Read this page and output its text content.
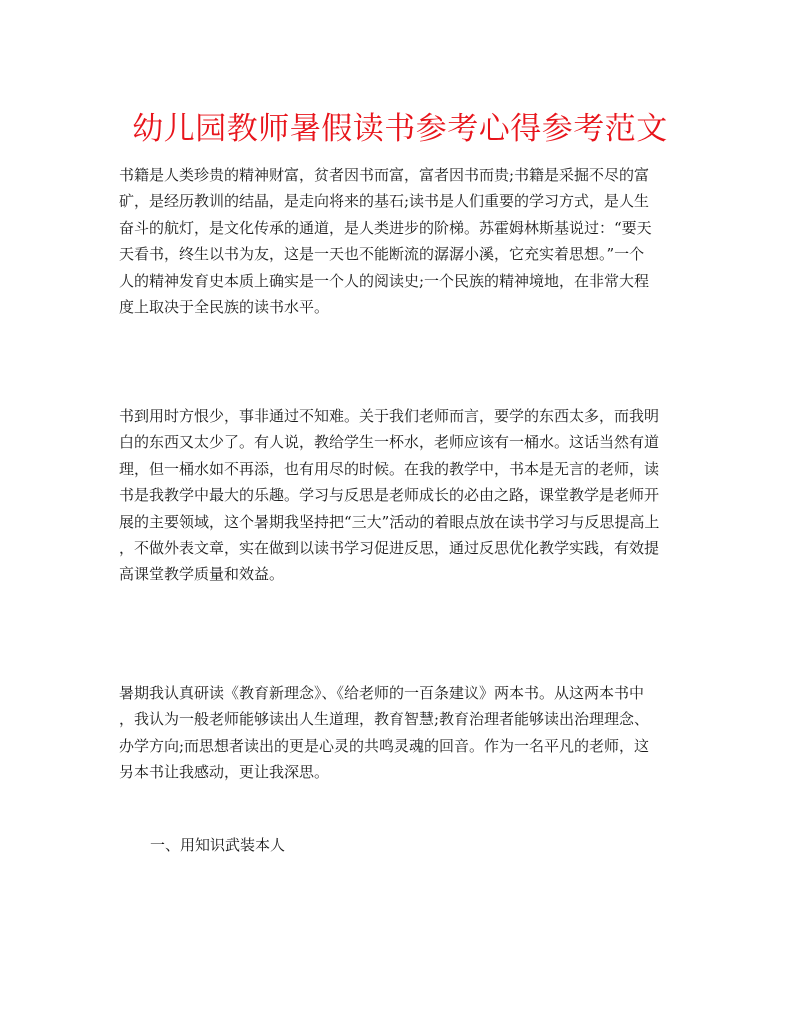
幼儿园教师暑假读书参考心得参考范文
书籍是人类珍贵的精神财富，贫者因书而富，富者因书而贵;书籍是采掘不尽的富
矿，是经历教训的结晶，是走向将来的基石;读书是人们重要的学习方式，是人生
奋斗的航灯，是文化传承的通道，是人类进步的阶梯。苏霍姆林斯基说过：“要天
天看书，终生以书为友，这是一天也不能断流的潺潺小溪，它充实着思想。”一个
人的精神发育史本质上确实是一个人的阅读史;一个民族的精神境地，在非常大程
度上取决于全民族的读书水平。
书到用时方恨少，事非通过不知难。关于我们老师而言，要学的东西太多，而我明
白的东西又太少了。有人说，教给学生一杯水，老师应该有一桶水。这话当然有道
理，但一桶水如不再添，也有用尽的时候。在我的教学中，书本是无言的老师，读
书是我教学中最大的乐趣。学习与反思是老师成长的必由之路，课堂教学是老师开
展的主要领域，这个暑期我坚持把“三大”活动的着眼点放在读书学习与反思提高上
，不做外表文章，实在做到以读书学习促进反思，通过反思优化教学实践，有效提
高课堂教学质量和效益。
暑期我认真研读《教育新理念》、《给老师的一百条建议》两本书。从这两本书中
，我认为一般老师能够读出人生道理，教育智慧;教育治理者能够读出治理理念、
办学方向;而思想者读出的更是心灵的共鸣灵魂的回音。作为一名平凡的老师，这
另本书让我感动，更让我深思。

一、用知识武装本人
